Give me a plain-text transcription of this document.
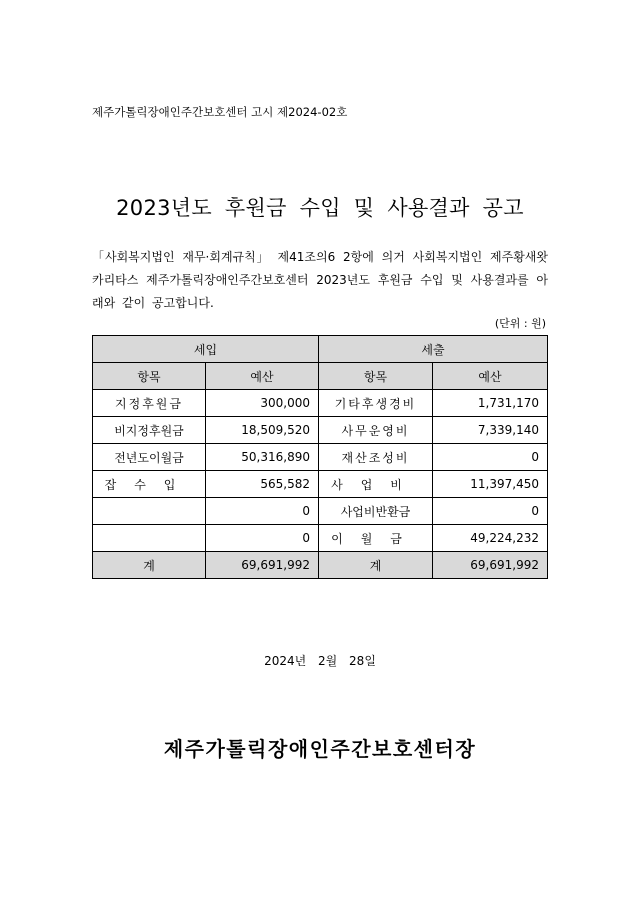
제주가톨릭장애인주간보호센터 고시 제2024-02호
2023년도 후원금 수입 및 사용결과 공고
「사회복지법인 재무·회계규칙」 제41조의6 2항에 의거 사회복지법인 제주황새왓카리타스 제주가톨릭장애인주간보호센터 2023년도 후원금 수입 및 사용결과를 아래와 같이 공고합니다.
(단위 : 원)
세입		세출	
항목	예산	항목	예산
지정후원금	300,000	기타후생경비	1,731,170
비지정후원금	18,509,520	사무운영비	7,339,140
전년도이월금	50,316,890	재산조성비	0
잡수입	565,582	사업비	11,397,450
	0	사업비반환금	0
	0	이월금	49,224,232
계	69,691,992	계	69,691,992
2024년 2월 28일
제주가톨릭장애인주간보호센터장
